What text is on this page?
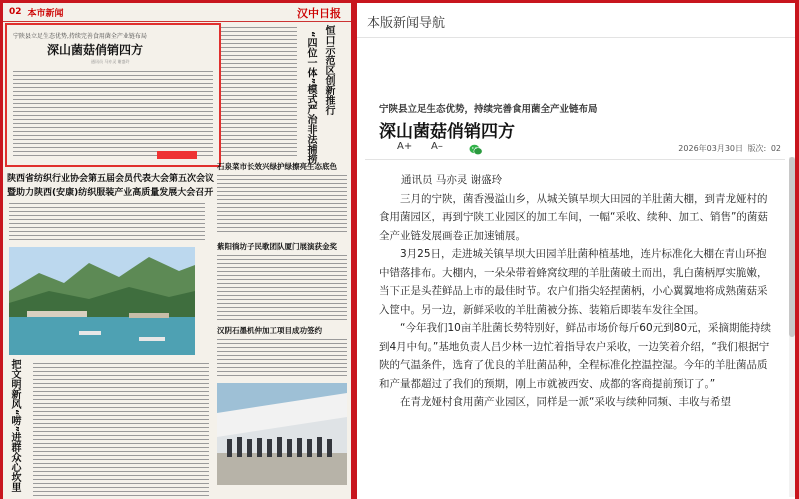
02 本市新闻	汉中日报
宁陕县立足生态优势,持续完善食用菌全产业链布局
深山菌菇俏销四方
通讯员 马亦灵 谢盛玲	恒口示范区创新推行
“四位一体”模式严治非法捕捞
陕西省纺织行业协会第五届会员代表大会第五次会议
暨助力陕西(安康)纺织服装产业高质量发展大会召开
石泉菜市长效兴绿护绿擦亮生态底色
紫阳徜坊子民歌团队厦门展演获金奖
汉阴石墨机仲加工项目成功签约
把文明新风“唠”进群众心坎里
本版新闻导航
宁陕县立足生态优势，持续完善食用菌全产业链布局
深山菌菇俏销四方
A+ A–	2026年03月30日 版次: 02

通讯员 马亦灵 谢盛玲

三月的宁陕，菌香漫溢山乡，从城关镇旱坝大田园的羊肚菌大棚，到青龙娅村的食用菌园区，再到宁陕工业园区的加工车间，一幅“采收、续种、加工、销售”的菌菇全产业链发展画卷正加速铺展。

3月25日，走进城关镇旱坝大田园羊肚菌种植基地，连片标准化大棚在青山环抱中错落排布。大棚内，一朵朵带着蜂窝纹理的羊肚菌破土而出，乳白菌柄厚实脆嫩，当下正是头茬鲜品上市的最佳时节。农户们指尖轻捏菌柄，小心翼翼地将成熟菌菇采入筐中。另一边，新鲜采收的羊肚菌被分拣、装箱后即装车发往全国。

“今年我们10亩羊肚菌长势特别好，鲜品市场价每斤60元到80元，采摘期能持续到4月中旬。”基地负责人吕少林一边忙着指导农户采收，一边笑着介绍，“我们根据宁陕的气温条件，选育了优良的羊肚菌品种，全程标准化控温控湿。今年的羊肚菌品质和产量都超过了我们的预期，刚上市就被西安、成都的客商提前预订了。”

在青龙娅村食用菌产业园区，同样是一派“采收与续种同频、丰收与希望
